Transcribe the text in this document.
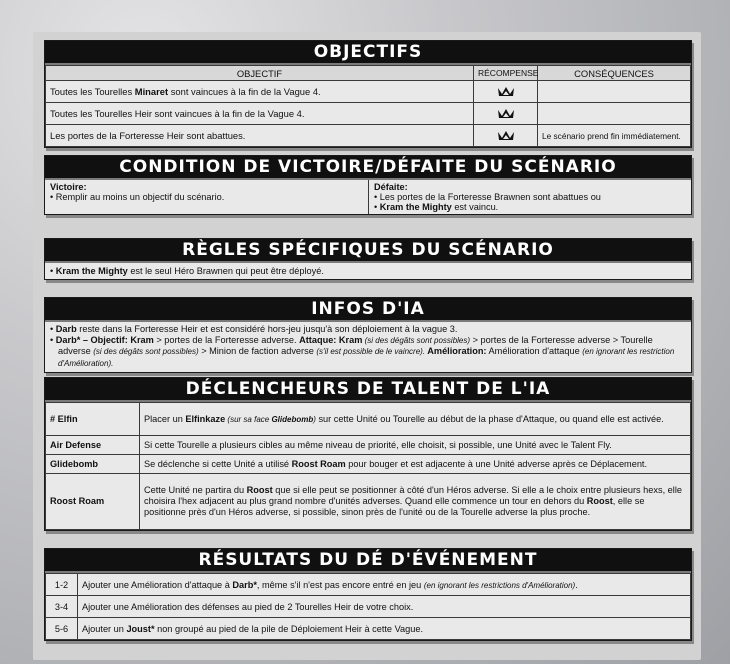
OBJECTIFS
OBJECTIF	RÉCOMPENSE	CONSÉQUENCES
Toutes les Tourelles Minaret sont vaincues à la fin de la Vague 4.	

Toutes les Tourelles Heir sont vaincues à la fin de la Vague 4.	

Les portes de la Forteresse Heir sont abattues.		Le scénario prend fin immédiatement.
CONDITION DE VICTOIRE/DÉFAITE DU SCÉNARIO
Victoire:
• Remplir au moins un objectif du scénario.
Défaite:
• Les portes de la Forteresse Brawnen sont abattues ou
• Kram the Mighty est vaincu.
RÈGLES SPÉCIFIQUES DU SCÉNARIO
• Kram the Mighty est le seul Héro Brawnen qui peut être déployé.
INFOS D'IA
• Darb reste dans la Forteresse Heir et est considéré hors-jeu jusqu'à son déploiement à la vague 3.
• Darb* – Objectif: Kram > portes de la Forteresse adverse. Attaque: Kram (si des dégâts sont possibles) > portes de la Forteresse adverse > Tourelle adverse (si des dégâts sont possibles) > Minion de faction adverse (s'il est possible de le vaincre). Amélioration: Amélioration d'attaque (en ignorant les restriction d'Amélioration).
DÉCLENCHEURS DE TALENT DE L'IA
# Elfin	Placer un Elfinkaze (sur sa face Glidebomb) sur cette Unité ou Tourelle au début de la phase d'Attaque, ou quand elle est activée.
Air Defense	Si cette Tourelle a plusieurs cibles au même niveau de priorité, elle choisit, si possible, une Unité avec le Talent Fly.
Glidebomb	Se déclenche si cette Unité a utilisé Roost Roam pour bouger et est adjacente à une Unité adverse après ce Déplacement.
Roost Roam	Cette Unité ne partira du Roost que si elle peut se positionner à côté d'un Héros adverse. Si elle a le choix entre plusieurs hexs, elle choisira l'hex adjacent au plus grand nombre d'unités adverses. Quand elle commence un tour en dehors du Roost, elle se positionne près d'un Héros adverse, si possible, sinon près de l'unité ou de la Tourelle adverse la plus proche.
RÉSULTATS DU DÉ D'ÉVÉNEMENT
1-2	Ajouter une Amélioration d'attaque à Darb*, même s'il n'est pas encore entré en jeu (en ignorant les restrictions d'Amélioration).
3-4	Ajouter une Amélioration des défenses au pied de 2 Tourelles Heir de votre choix.
5-6	Ajouter un Joust* non groupé au pied de la pile de Déploiement Heir à cette Vague.
